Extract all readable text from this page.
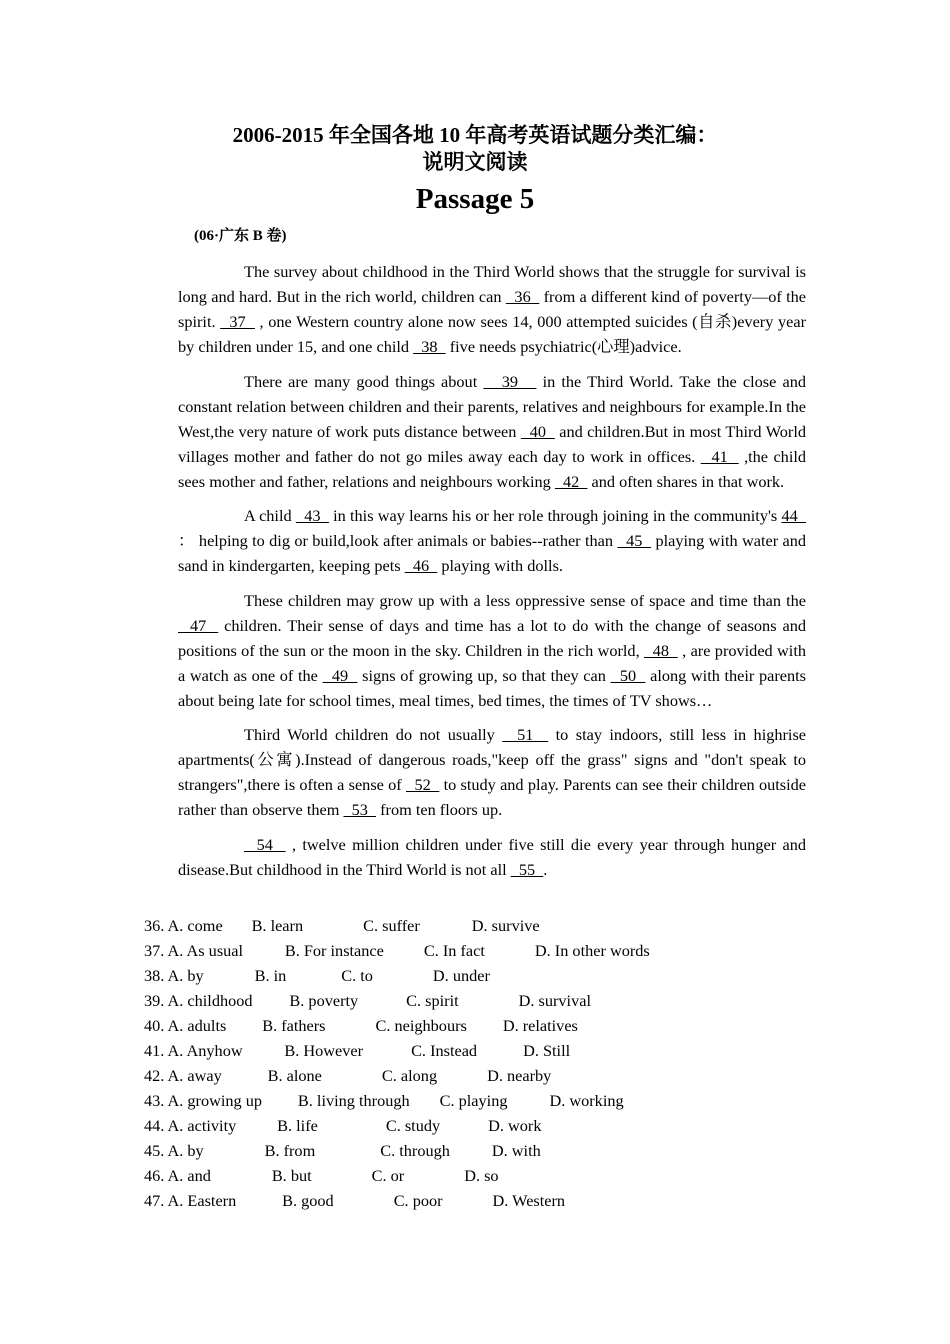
2006-2015 年全国各地 10 年高考英语试题分类汇编：
说明文阅读
Passage 5
(06·广东 B 卷)

The survey about childhood in the Third World shows that the struggle for survival is long and hard. But in the rich world, children can   36   from a different kind of poverty—of the spirit.   37   , one Western country alone now sees 14, 000 attempted suicides (自杀)every year by children under 15, and one child   38   five needs psychiatric(心理)advice.

There are many good things about    39    in the Third World. Take the close and constant relation between children and their parents, relatives and neighbours for example.In the West,the very nature of work puts distance between   40   and children.But in most Third World villages mother and father do not go miles away each day to work in offices.   41   ,the child sees mother and father, relations and neighbours working   42   and often shares in that work.

A child   43   in this way learns his or her role through joining in the community's 44   ： helping to dig or build,look after animals or babies--rather than   45   playing with water and sand in kindergarten, keeping pets   46   playing with dolls.

These children may grow up with a less oppressive sense of space and time than the   47   children. Their sense of days and time has a lot to do with the change of seasons and positions of the sun or the moon in the sky. Children in the rich world,   48   , are provided with a watch as one of the   49   signs of growing up, so that they can   50   along with their parents about being late for school times, meal times, bed times, the times of TV shows…

Third World children do not usually   51   to stay indoors, still less in highrise apartments(公寓).Instead of dangerous roads,"keep off the grass" signs and "don't speak to strangers",there is often a sense of   52   to study and play. Parents can see their children outside rather than observe them   53   from ten floors up.

54   , twelve million children under five still die every year through hunger and disease.But childhood in the Third World is not all   55  .

36. A. come B. learn	C. suffer	D. survive
37. A. As usual	B. For instance C. In fact	D. In other words
38. A. by	B. in	C. to	D. under
39. A. childhood B. poverty	C. spirit	D. survival
40. A. adults B. fathers	C. neighbours D. relatives
41. A. Anyhow	B. However	C. Instead	D. Still
42. A. away	B. alone	C. along	D. nearby
43. A. growing up B. living through C. playing	D. working
44. A. activity	B. life	C. study	D. work
45. A. by	B. from	C. through	D. with
46. A. and	B. but	C. or	D. so
47. A. Eastern	B. good	C. poor	D. Western
